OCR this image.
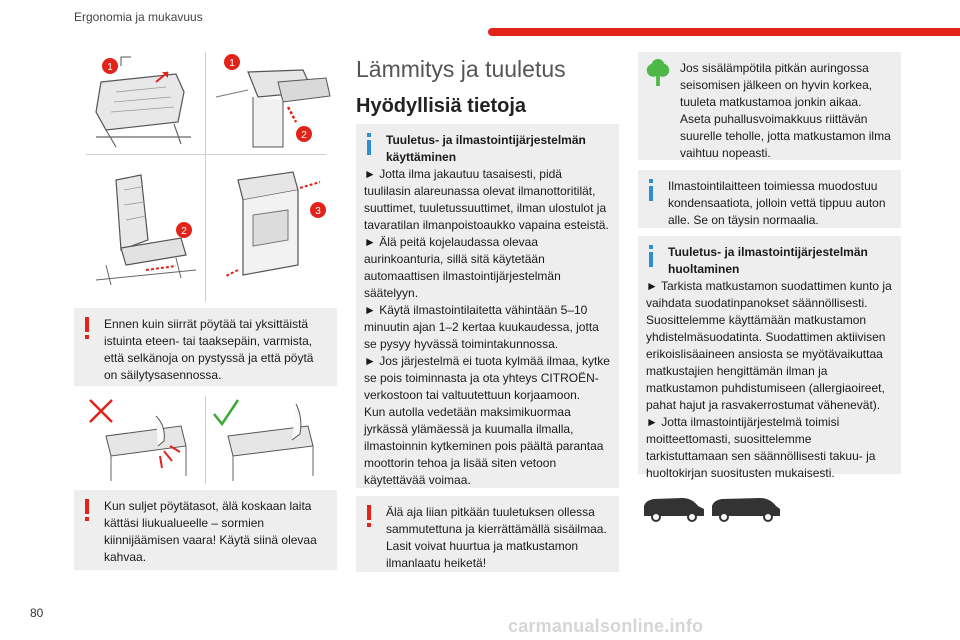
Ergonomia ja mukavuus
1	1
2
2
3

Ennen kuin siirrät pöytää tai yksittäistä istuinta eteen- tai taaksepäin, varmista, että selkänoja on pystyssä ja että pöytä on säilytysasennossa.

Kun suljet pöytätasot, älä koskaan laita kättäsi liukualueelle – sormien kiinnijäämisen vaara! Käytä siinä olevaa kahvaa.

Lämmitys ja tuuletus
Hyödyllisiä tietoja

Tuuletus- ja ilmastointijärjestelmän käyttäminen

► Jotta ilma jakautuu tasaisesti, pidä tuulilasin alareunassa olevat ilmanottoritilät, suuttimet, tuuletussuuttimet, ilman ulostulot ja tavaratilan ilmanpoistoaukko vapaina esteistä.
► Älä peitä kojelaudassa olevaa aurinkoanturia, sillä sitä käytetään automaattisen ilmastointijärjestelmän säätelyyn.
► Käytä ilmastointilaitetta vähintään 5–10 minuutin ajan 1–2 kertaa kuukaudessa, jotta se pysyy hyvässä toimintakunnossa.
► Jos järjestelmä ei tuota kylmää ilmaa, kytke se pois toiminnasta ja ota yhteys CITROËN-verkostoon tai valtuutettuun korjaamoon.
Kun autolla vedetään maksimikuormaa jyrkässä ylämäessä ja kuumalla ilmalla, ilmastoinnin kytkeminen pois päältä parantaa moottorin tehoa ja lisää siten vetoon käytettävää voimaa.

Älä aja liian pitkään tuuletuksen ollessa sammutettuna ja kierrättämällä sisäilmaa. Lasit voivat huurtua ja matkustamon ilmanlaatu heiketä!

Jos sisälämpötila pitkän auringossa seisomisen jälkeen on hyvin korkea, tuuleta matkustamoa jonkin aikaa.
Aseta puhallusvoimakkuus riittävän suurelle teholle, jotta matkustamon ilma vaihtuu nopeasti.

Ilmastointilaitteen toimiessa muodostuu kondensaatiota, jolloin vettä tippuu auton alle. Se on täysin normaalia.

Tuuletus- ja ilmastointijärjestelmän huoltaminen

► Tarkista matkustamon suodattimen kunto ja vaihdata suodatinpanokset säännöllisesti.
Suosittelemme käyttämään matkustamon yhdistelmäsuodatinta. Suodattimen aktiivisen erikoislisäaineen ansiosta se myötävaikuttaa matkustajien hengittämän ilman ja matkustamon puhdistumiseen (allergiaoireet, pahat hajut ja rasvakerrostumat vähenevät).
► Jotta ilmastointijärjestelmä toimisi moitteettomasti, suosittelemme tarkistuttamaan sen säännöllisesti takuu- ja huoltokirjan suositusten mukaisesti.

80
carmanualsonline.info
